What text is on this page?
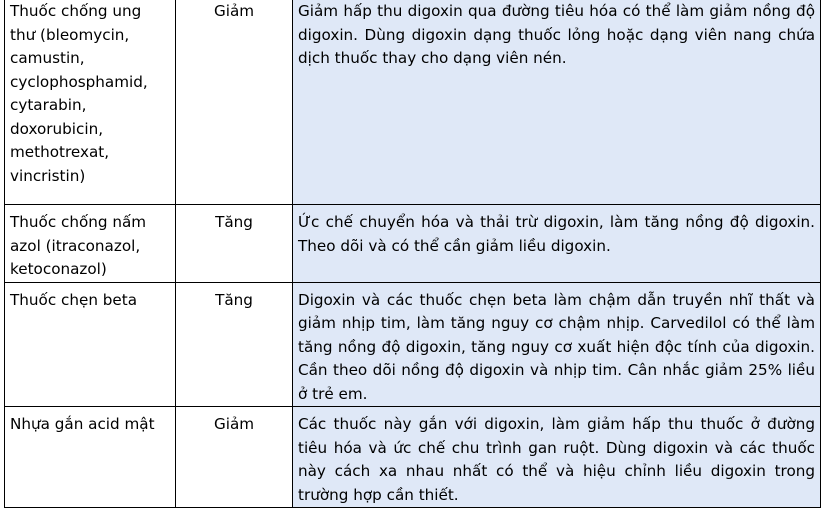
Thuốc chống ung thư (bleomycin, camustin, cyclophosphamid, cytarabin, doxorubicin, methotrexat, vincristin)	Giảm	Giảm hấp thu digoxin qua đường tiêu hóa có thể làm giảm nồng độ digoxin. Dùng digoxin dạng thuốc lỏng hoặc dạng viên nang chứa dịch thuốc thay cho dạng viên nén.
Thuốc chống nấm azol (itraconazol, ketoconazol)	Tăng	Ức chế chuyển hóa và thải trừ digoxin, làm tăng nồng độ digoxin. Theo dõi và có thể cần giảm liều digoxin.
Thuốc chẹn beta	Tăng	Digoxin và các thuốc chẹn beta làm chậm dẫn truyền nhĩ thất và giảm nhịp tim, làm tăng nguy cơ chậm nhịp. Carvedilol có thể làm tăng nồng độ digoxin, tăng nguy cơ xuất hiện độc tính của digoxin. Cần theo dõi nồng độ digoxin và nhịp tim. Cân nhắc giảm 25% liều ở trẻ em.
Nhựa gắn acid mật	Giảm	Các thuốc này gắn với digoxin, làm giảm hấp thu thuốc ở đường tiêu hóa và ức chế chu trình gan ruột. Dùng digoxin và các thuốc này cách xa nhau nhất có thể và hiệu chỉnh liều digoxin trong trường hợp cần thiết.
